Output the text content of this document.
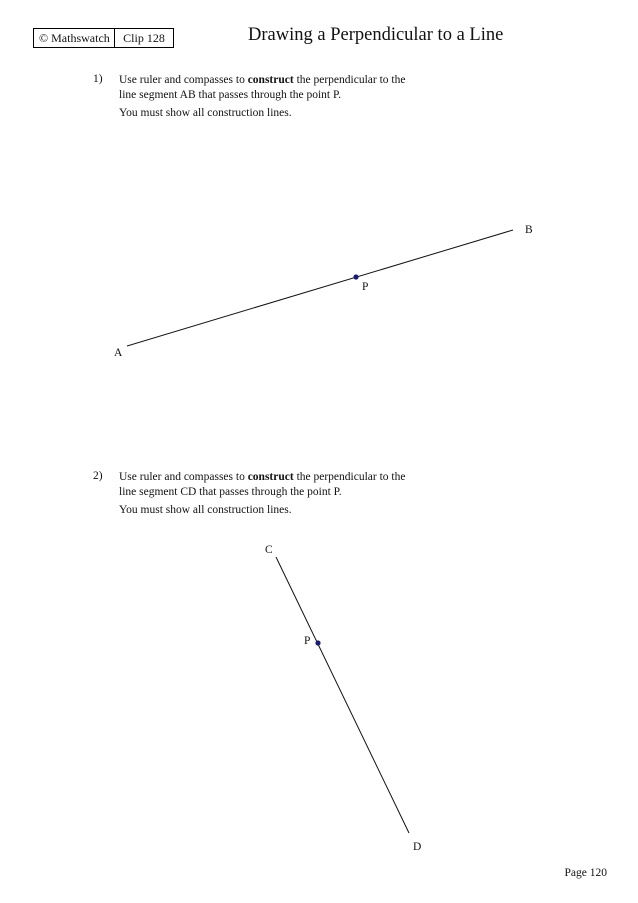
© Mathswatch	Clip 128	Drawing a Perpendicular to a Line
1) Use ruler and compasses to construct the perpendicular to the

line segment AB that passes through the point P.

You must show all construction lines.

2) Use ruler and compasses to construct the perpendicular to the

line segment CD that passes through the point P.

You must show all construction lines.

A
B
P
C
D
P
Page 120
